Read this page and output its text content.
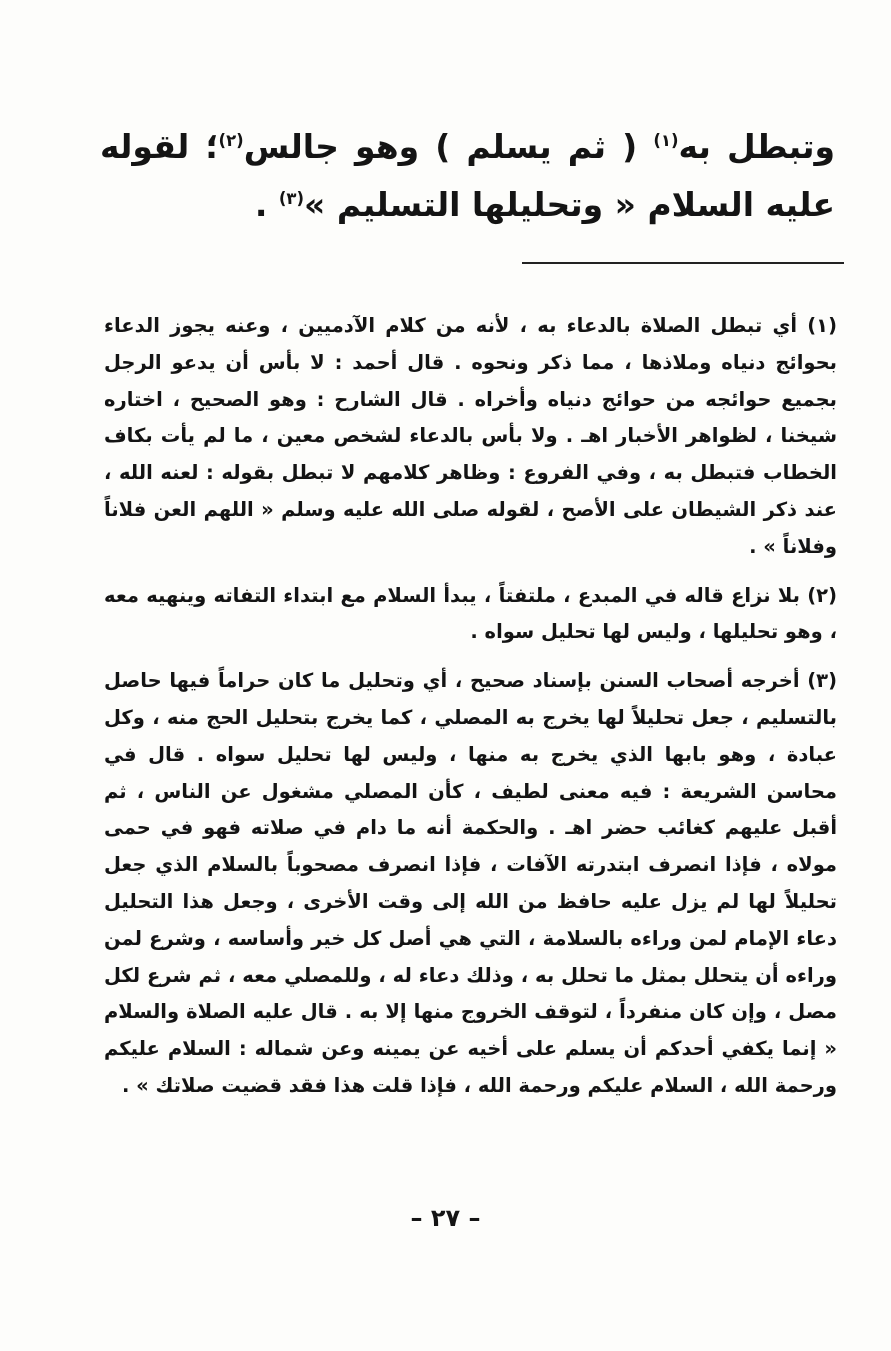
وتبطل به$^{(١)}$ ( ثم يسلم ) وهو جالس$^{(٢)}$؛ لقوله عليه السلام « وتحليلها التسليم »$^{(٣)}$ .

(١) أي تبطل الصلاة بالدعاء به ، لأنه من كلام الآدميين ، وعنه يجوز الدعاء بحوائج دنياه وملاذها ، مما ذكر ونحوه . قال أحمد : لا بأس أن يدعو الرجل بجميع حوائجه من حوائج دنياه وأخراه . قال الشارح : وهو الصحيح ، اختاره شيخنا ، لظواهر الأخبار اهـ . ولا بأس بالدعاء لشخص معين ، ما لم يأت بكاف الخطاب فتبطل به ، وفي الفروع : وظاهر كلامهم لا تبطل بقوله : لعنه الله ، عند ذكر الشيطان على الأصح ، لقوله صلى الله عليه وسلم « اللهم العن فلاناً وفلاناً » .

(٢) بلا نزاع قاله في المبدع ، ملتفتاً ، يبدأ السلام مع ابتداء التفاته وينهيه معه ، وهو تحليلها ، وليس لها تحليل سواه .

(٣) أخرجه أصحاب السنن بإسناد صحيح ، أي وتحليل ما كان حراماً فيها حاصل بالتسليم ، جعل تحليلاً لها يخرج به المصلي ، كما يخرج بتحليل الحج منه ، وكل عبادة ، وهو بابها الذي يخرج به منها ، وليس لها تحليل سواه . قال في محاسن الشريعة : فيه معنى لطيف ، كأن المصلي مشغول عن الناس ، ثم أقبل عليهم كغائب حضر اهـ . والحكمة أنه ما دام في صلاته فهو في حمى مولاه ، فإذا انصرف ابتدرته الآفات ، فإذا انصرف مصحوباً بالسلام الذي جعل تحليلاً لها لم يزل عليه حافظ من الله إلى وقت الأخرى ، وجعل هذا التحليل دعاء الإمام لمن وراءه بالسلامة ، التي هي أصل كل خير وأساسه ، وشرع لمن وراءه أن يتحلل بمثل ما تحلل به ، وذلك دعاء له ، وللمصلي معه ، ثم شرع لكل مصل ، وإن كان منفرداً ، لتوقف الخروج منها إلا به . قال عليه الصلاة والسلام « إنما يكفي أحدكم أن يسلم على أخيه عن يمينه وعن شماله : السلام عليكم ورحمة الله ، السلام عليكم ورحمة الله ، فإذا قلت هذا فقد قضيت صلاتك » .

– ٢٧ –
